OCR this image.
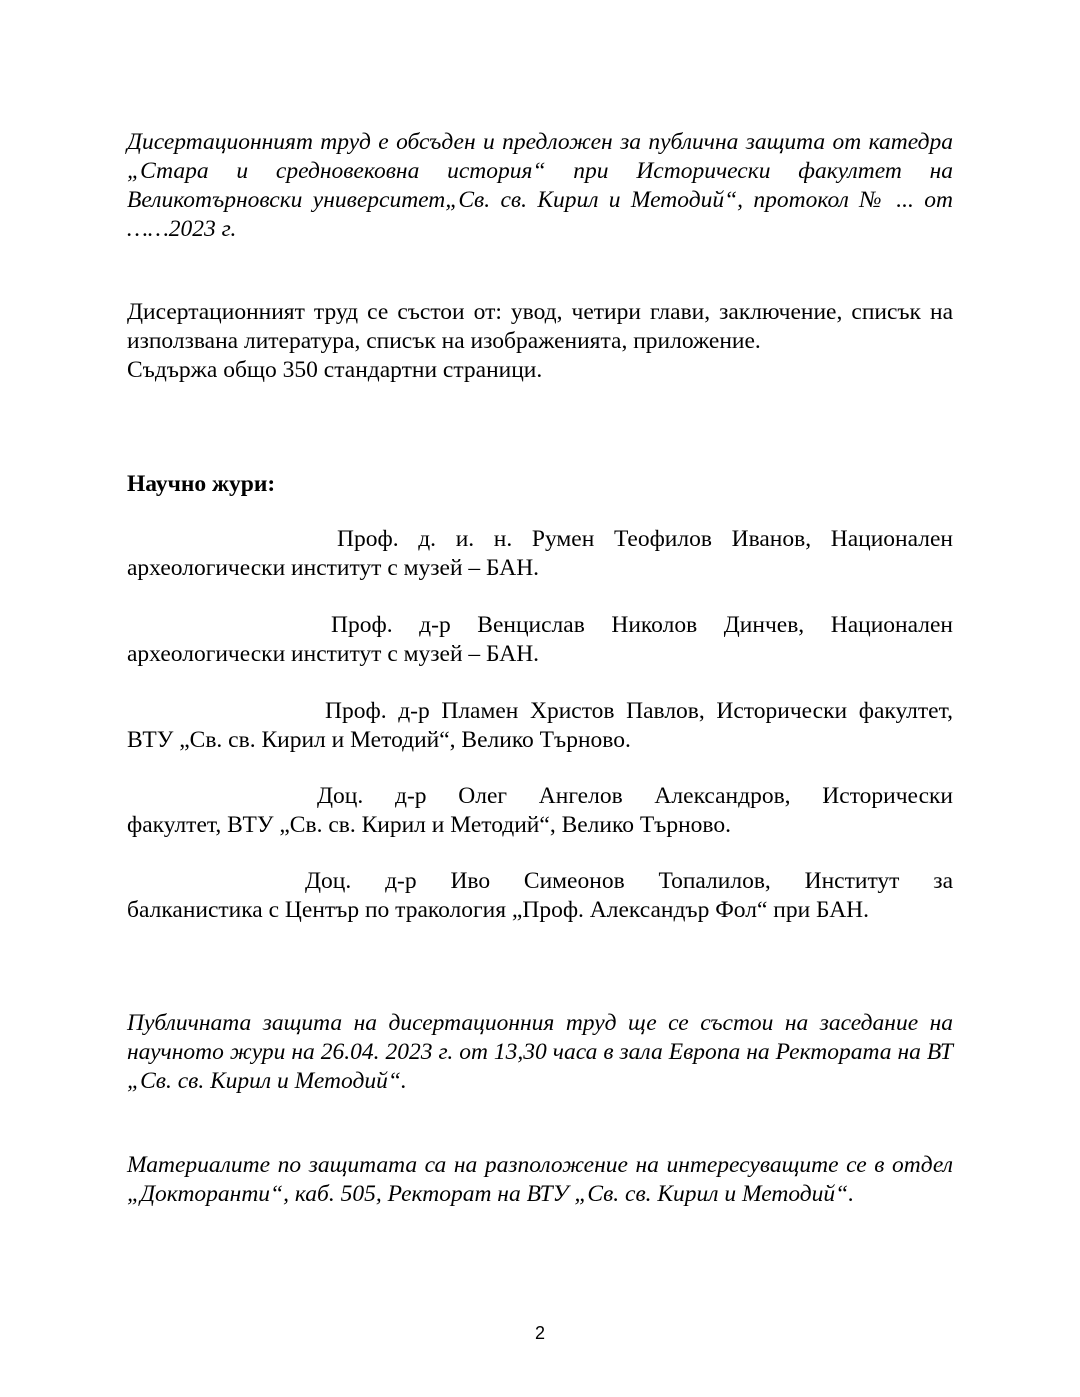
Дисертационният труд е обсъден и предложен за публична защита от катедра „Стара и средновековна история“ при Исторически факултет на Великотърновски университет„Св. св. Кирил и Методий“, протокол № ... от ……2023 г.

Дисертационният труд се състои от: увод, четири глави, заключение, списък на използвана литература, списък на изображенията, приложение.

Съдържа общо 350 стандартни страници.

Научно жури:

Проф. д. и. н. Румен Теофилов Иванов, Национален
археологически институт с музей – БАН.
Проф. д-р Венцислав Николов Динчев, Национален
археологически институт с музей – БАН.
Проф. д-р Пламен Христов Павлов, Исторически факултет,
ВТУ „Св. св. Кирил и Методий“, Велико Търново.
Доц. д-р Олег Ангелов Александров, Исторически
факултет, ВТУ „Св. св. Кирил и Методий“, Велико Търново.
Доц. д-р Иво Симеонов Топалилов, Институт за
балканистика с Център по тракология „Проф. Александър Фол“ при БАН.

Публичната защита на дисертационния труд ще се състои на заседание на научното жури на 26.04. 2023 г. от 13,30 часа в зала Европа на Ректората на ВТ „Св. св. Кирил и Методий“.

Материалите по защитата са на разположение на интересуващите се в отдел „Докторанти“, каб. 505, Ректорат на ВТУ „Св. св. Кирил и Методий“.

2
